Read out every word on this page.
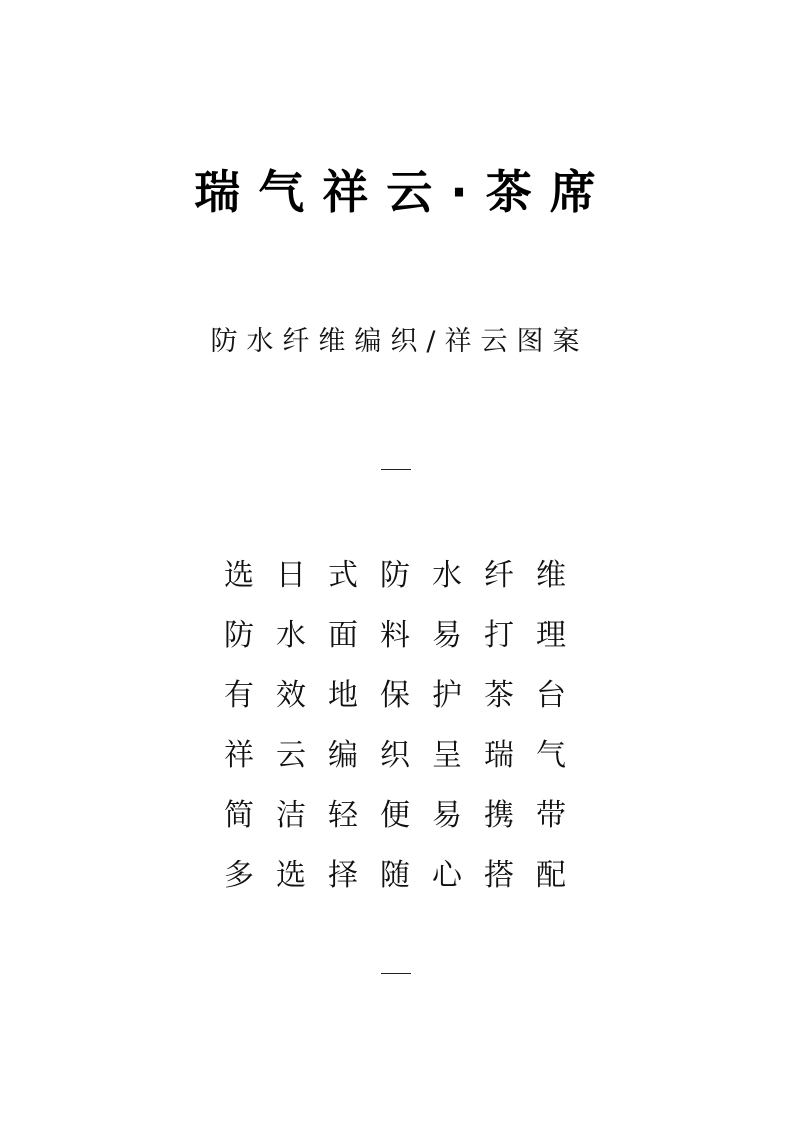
瑞气祥云·茶席
防水纤维编织/祥云图案
选日式防水纤维
防水面料易打理
有效地保护茶台
祥云编织呈瑞气
简洁轻便易携带
多选择随心搭配
